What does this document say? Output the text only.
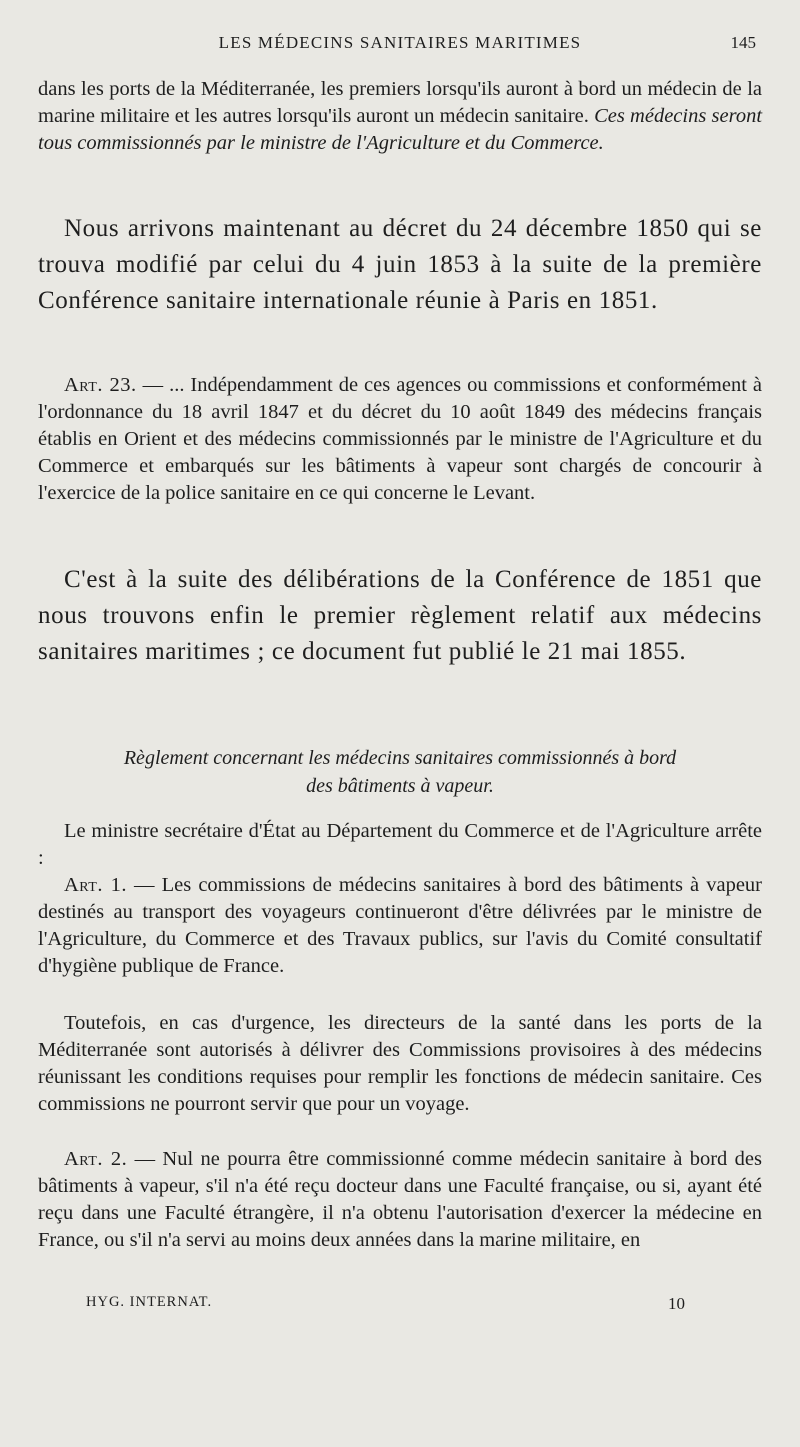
LES MÉDECINS SANITAIRES MARITIMES	145

dans les ports de la Méditerranée, les premiers lorsqu'ils auront à bord un médecin de la marine militaire et les autres lorsqu'ils auront un médecin sanitaire. Ces médecins seront tous commissionnés par le ministre de l'Agriculture et du Commerce.

Nous arrivons maintenant au décret du 24 décembre 1850 qui se trouva modifié par celui du 4 juin 1853 à la suite de la première Conférence sanitaire internationale réunie à Paris en 1851.

Art. 23. — ... Indépendamment de ces agences ou commissions et conformément à l'ordonnance du 18 avril 1847 et du décret du 10 août 1849 des médecins français établis en Orient et des médecins commissionnés par le ministre de l'Agriculture et du Commerce et embarqués sur les bâtiments à vapeur sont chargés de concourir à l'exercice de la police sanitaire en ce qui concerne le Levant.

C'est à la suite des délibérations de la Conférence de 1851 que nous trouvons enfin le premier règlement relatif aux médecins sanitaires maritimes ; ce document fut publié le 21 mai 1855.

Règlement concernant les médecins sanitaires commissionnés à bord
des bâtiments à vapeur.

Le ministre secrétaire d'État au Département du Commerce et de l'Agriculture arrête :

Art. 1. — Les commissions de médecins sanitaires à bord des bâtiments à vapeur destinés au transport des voyageurs continueront d'être délivrées par le ministre de l'Agriculture, du Commerce et des Travaux publics, sur l'avis du Comité consultatif d'hygiène publique de France.

Toutefois, en cas d'urgence, les directeurs de la santé dans les ports de la Méditerranée sont autorisés à délivrer des Commissions provisoires à des médecins réunissant les conditions requises pour remplir les fonctions de médecin sanitaire. Ces commissions ne pourront servir que pour un voyage.

Art. 2. — Nul ne pourra être commissionné comme médecin sanitaire à bord des bâtiments à vapeur, s'il n'a été reçu docteur dans une Faculté française, ou si, ayant été reçu dans une Faculté étrangère, il n'a obtenu l'autorisation d'exercer la médecine en France, ou s'il n'a servi au moins deux années dans la marine militaire, en

HYG. INTERNAT.	10
